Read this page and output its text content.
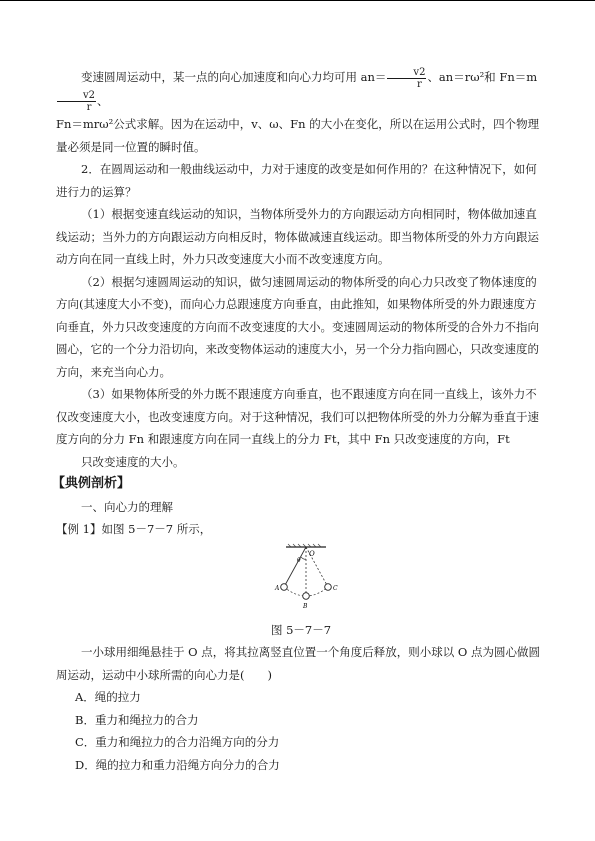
变速圆周运动中，某一点的向心加速度和向心力均可用 $an= \frac{v2}{r}$ 、an＝rω²和 Fn＝m
$\frac{v2}{r}$ 、
Fn＝mrω²公式求解。因为在运动中，v、ω、Fn 的大小在变化，所以在运用公式时，四个物理量必须是同一位置的瞬时值。

2．在圆周运动和一般曲线运动中，力对于速度的改变是如何作用的？在这种情况下，如何进行力的运算？

（1）根据变速直线运动的知识，当物体所受外力的方向跟运动方向相同时，物体做加速直线运动；当外力的方向跟运动方向相反时，物体做减速直线运动。即当物体所受的外力方向跟运动方向在同一直线上时，外力只改变速度大小而不改变速度方向。

（2）根据匀速圆周运动的知识，做匀速圆周运动的物体所受的向心力只改变了物体速度的方向(其速度大小不变)，而向心力总跟速度方向垂直，由此推知，如果物体所受的外力跟速度方向垂直，外力只改变速度的方向而不改变速度的大小。变速圆周运动的物体所受的合外力不指向圆心，它的一个分力沿切向，来改变物体运动的速度大小，另一个分力指向圆心，只改变速度的方向，来充当向心力。

（3）如果物体所受的外力既不跟速度方向垂直，也不跟速度方向在同一直线上，该外力不仅改变速度大小，也改变速度方向。对于这种情况，我们可以把物体所受的外力分解为垂直于速度方向的分力 Fn 和跟速度方向在同一直线上的分力 Ft，其中 Fn 只改变速度的方向，Ft

只改变速度的大小。

【典例剖析】

一、向心力的理解

【例 1】如图 5－7－7 所示，

O
θ
A
B
C

图 5－7－7

一小球用细绳悬挂于 O 点，将其拉离竖直位置一个角度后释放，则小球以 O 点为圆心做圆周运动，运动中小球所需的向心力是(　　)

A．绳的拉力

B．重力和绳拉力的合力

C．重力和绳拉力的合力沿绳方向的分力

D．绳的拉力和重力沿绳方向分力的合力
